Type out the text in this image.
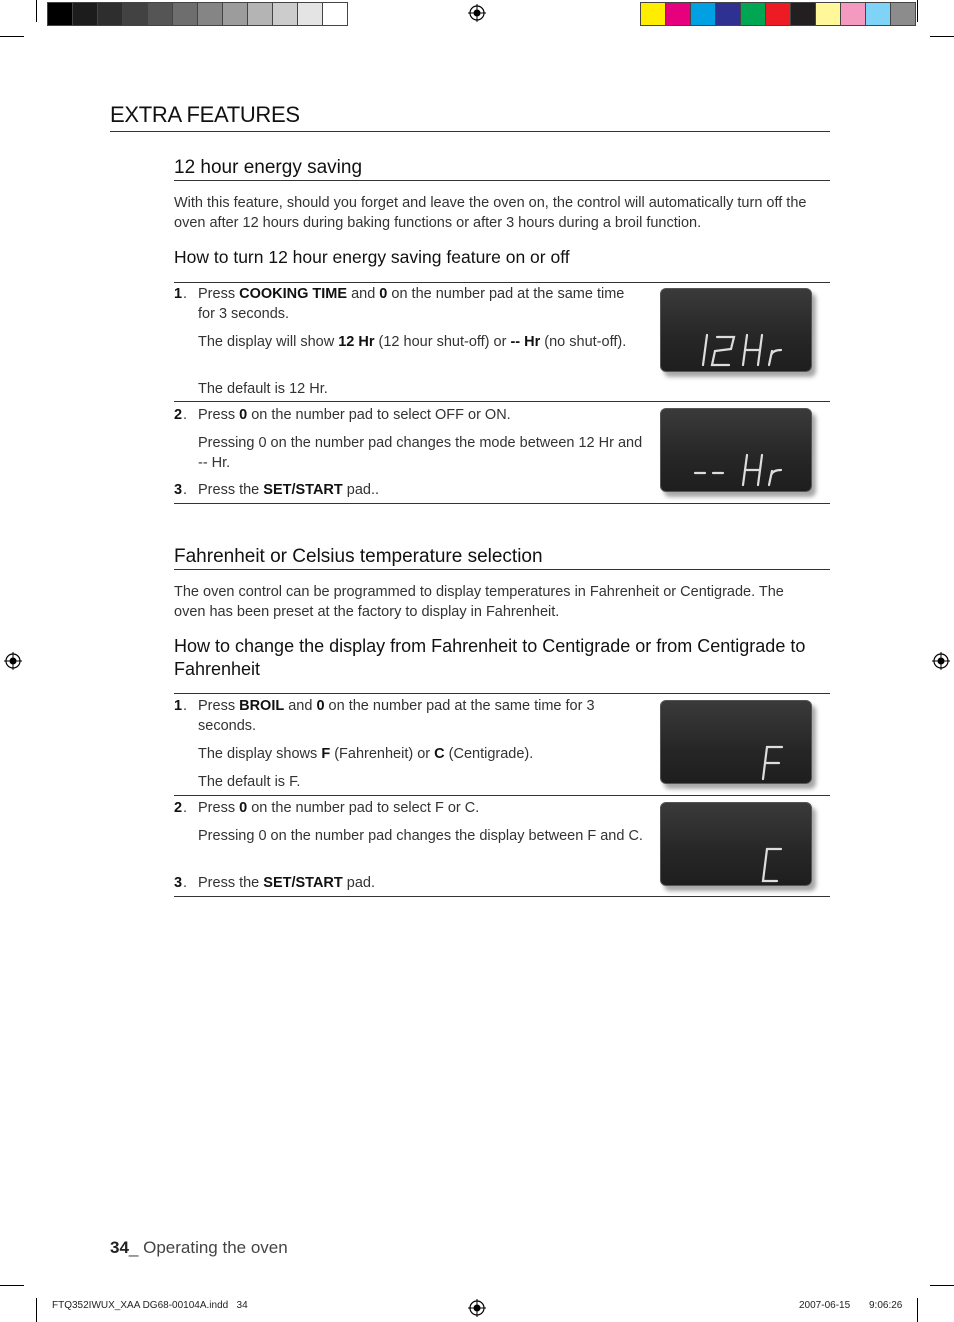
EXTRA FEATURES
12 hour energy saving

With this feature, should you forget and leave the oven on, the control will automatically turn off the oven after 12 hours during baking functions or after 3 hours during a broil function.

How to turn 12 hour energy saving feature on or off
1 . Press COOKING TIME and 0 on the number pad at the same time for 3 seconds.
The display will show 12 Hr (12 hour shut-off) or -- Hr (no shut-off).
The default is 12 Hr.
2 . Press 0 on the number pad to select OFF or ON.
Pressing 0 on the number pad changes the mode between 12 Hr and -- Hr.
3 . Press the SET/START pad..
Fahrenheit or Celsius temperature selection

The oven control can be programmed to display temperatures in Fahrenheit or Centigrade. The oven has been preset at the factory to display in Fahrenheit.

How to change the display from Fahrenheit to Centigrade or from Centigrade to Fahrenheit
1 . Press BROIL and 0 on the number pad at the same time for 3 seconds.
The display shows F (Fahrenheit) or C (Centigrade).
The default is F.
2 . Press 0 on the number pad to select F or C.
Pressing 0 on the number pad changes the display between F and C.
3 . Press the SET/START pad.
34_ Operating the oven
FTQ352IWUX_XAA DG68-00104A.indd   34	2007-06-15 9:06:26
